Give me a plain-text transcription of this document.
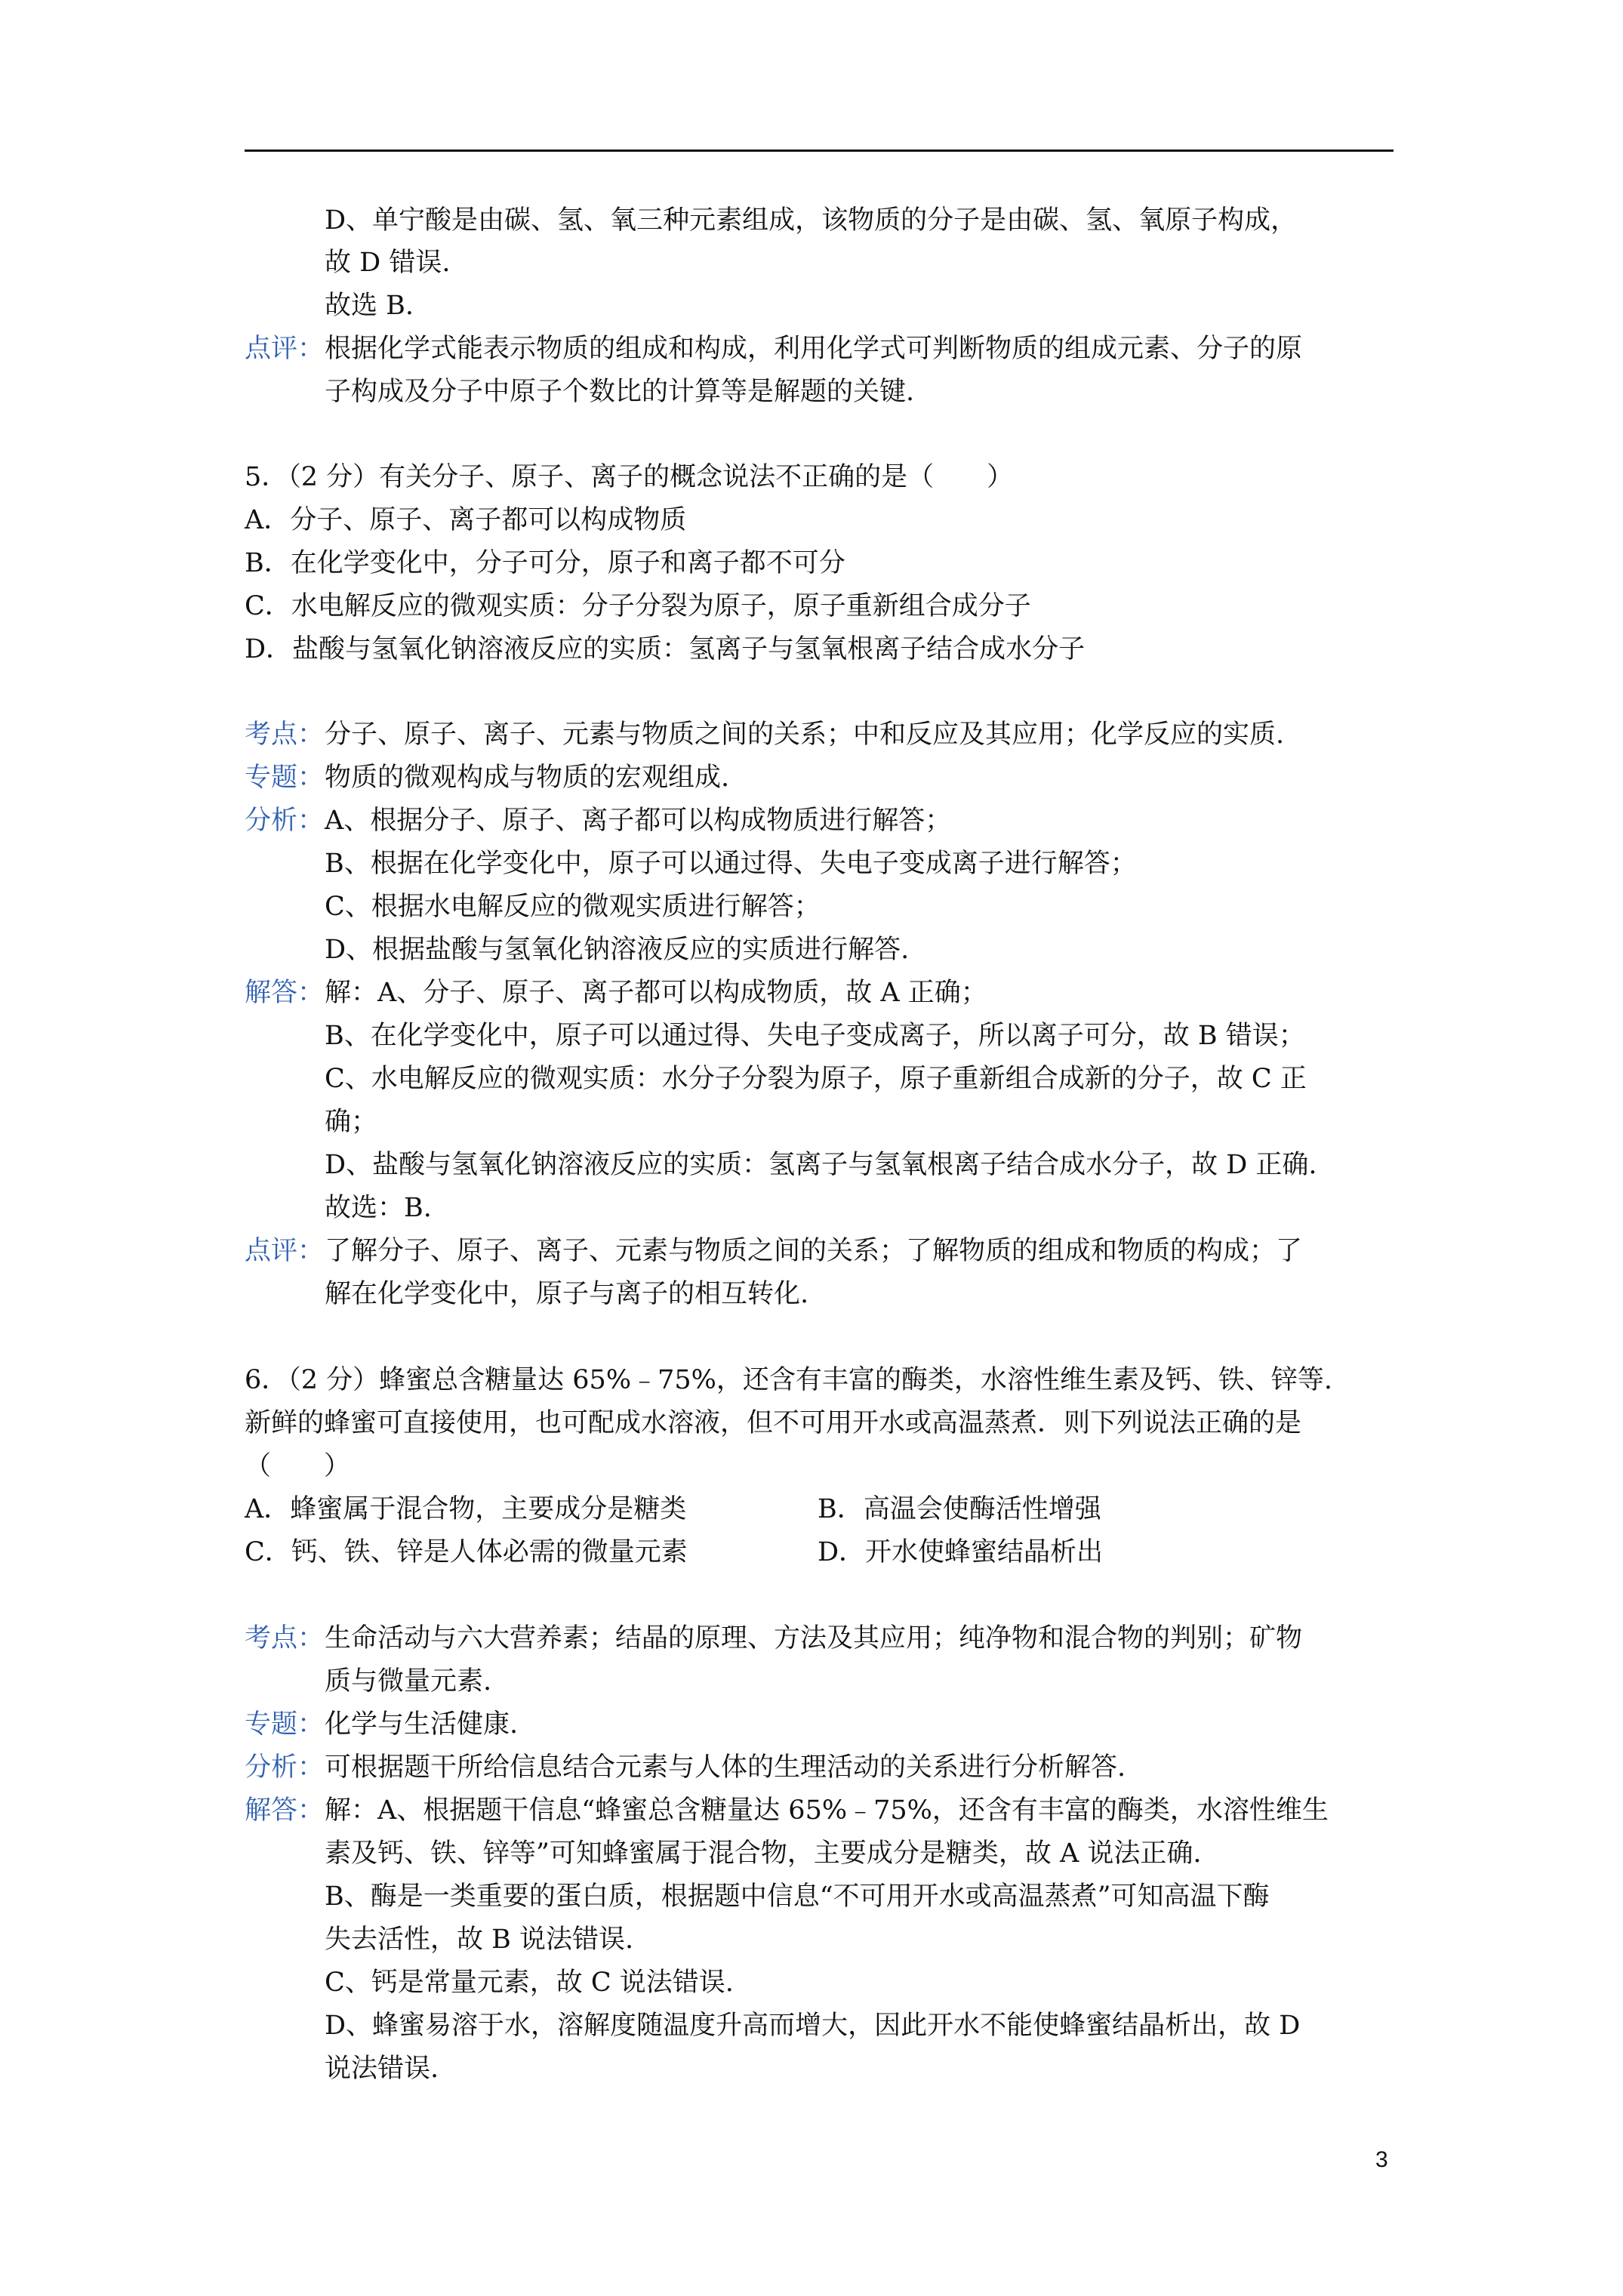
D、单宁酸是由碳、氢、氧三种元素组成，该物质的分子是由碳、氢、氧原子构成，
故 D 错误.
故选 B.
点评： 根据化学式能表示物质的组成和构成，利用化学式可判断物质的组成元素、分子的原
子构成及分子中原子个数比的计算等是解题的关键.
5．（2 分）有关分子、原子、离子的概念说法不正确的是（　　）
A．分子、原子、离子都可以构成物质
B．在化学变化中，分子可分，原子和离子都不可分
C．水电解反应的微观实质：分子分裂为原子，原子重新组合成分子
D．盐酸与氢氧化钠溶液反应的实质：氢离子与氢氧根离子结合成水分子
考点： 分子、原子、离子、元素与物质之间的关系；中和反应及其应用；化学反应的实质.
专题： 物质的微观构成与物质的宏观组成.
分析： A、根据分子、原子、离子都可以构成物质进行解答；
B、根据在化学变化中，原子可以通过得、失电子变成离子进行解答；
C、根据水电解反应的微观实质进行解答；
D、根据盐酸与氢氧化钠溶液反应的实质进行解答.
解答： 解：A、分子、原子、离子都可以构成物质，故 A 正确；
B、在化学变化中，原子可以通过得、失电子变成离子，所以离子可分，故 B 错误；
C、水电解反应的微观实质：水分子分裂为原子，原子重新组合成新的分子，故 C 正
确；
D、盐酸与氢氧化钠溶液反应的实质：氢离子与氢氧根离子结合成水分子，故 D 正确.
故选：B.
点评： 了解分子、原子、离子、元素与物质之间的关系；了解物质的组成和物质的构成；了
解在化学变化中，原子与离子的相互转化.
6．（2 分）蜂蜜总含糖量达 65%﹣75%，还含有丰富的酶类，水溶性维生素及钙、铁、锌等.
新鲜的蜂蜜可直接使用，也可配成水溶液，但不可用开水或高温蒸煮．则下列说法正确的是
（　　）
A．蜂蜜属于混合物，主要成分是糖类	B．高温会使酶活性增强
C．钙、铁、锌是人体必需的微量元素	D．开水使蜂蜜结晶析出
考点： 生命活动与六大营养素；结晶的原理、方法及其应用；纯净物和混合物的判别；矿物
质与微量元素.
专题： 化学与生活健康.
分析： 可根据题干所给信息结合元素与人体的生理活动的关系进行分析解答.
解答： 解：A、根据题干信息“蜂蜜总含糖量达 65%﹣75%，还含有丰富的酶类，水溶性维生
素及钙、铁、锌等”可知蜂蜜属于混合物，主要成分是糖类，故 A 说法正确.
B、酶是一类重要的蛋白质，根据题中信息“不可用开水或高温蒸煮”可知高温下酶
失去活性，故 B 说法错误.
C、钙是常量元素，故 C 说法错误.
D、蜂蜜易溶于水，溶解度随温度升高而增大，因此开水不能使蜂蜜结晶析出，故 D
说法错误.
3
